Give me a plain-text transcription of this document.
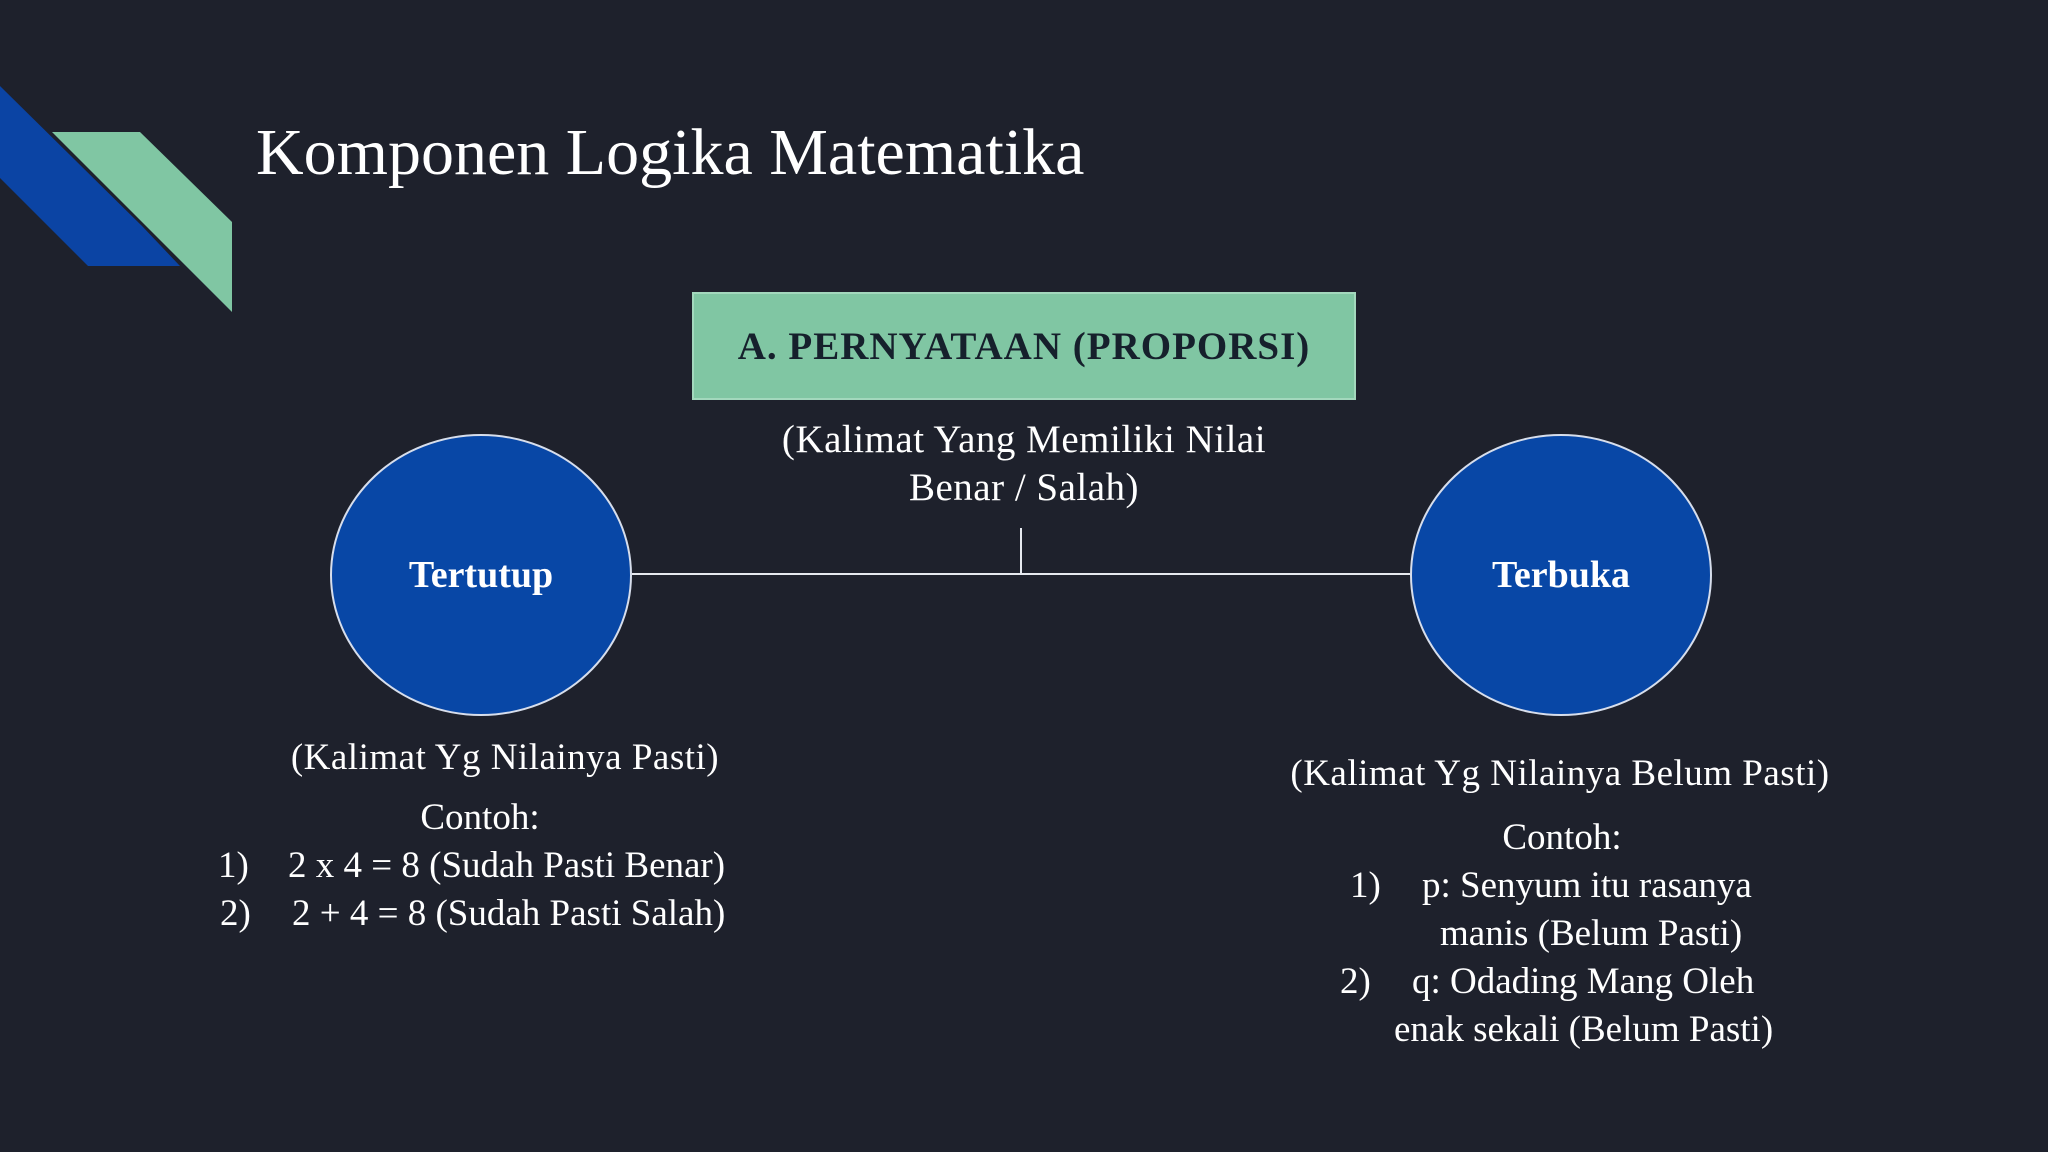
Komponen Logika Matematika
A. PERNYATAAN (PROPORSI)
(Kalimat Yang Memiliki Nilai
Benar / Salah)
Tertutup	Terbuka
(Kalimat Yg Nilainya Pasti)
Contoh:
1) 2 x 4 = 8 (Sudah Pasti Benar)
2) 2 + 4 = 8 (Sudah Pasti Salah)
(Kalimat Yg Nilainya Belum Pasti)
Contoh:
1) p: Senyum itu rasanya
manis (Belum Pasti)
2) q: Odading Mang Oleh
enak sekali (Belum Pasti)
